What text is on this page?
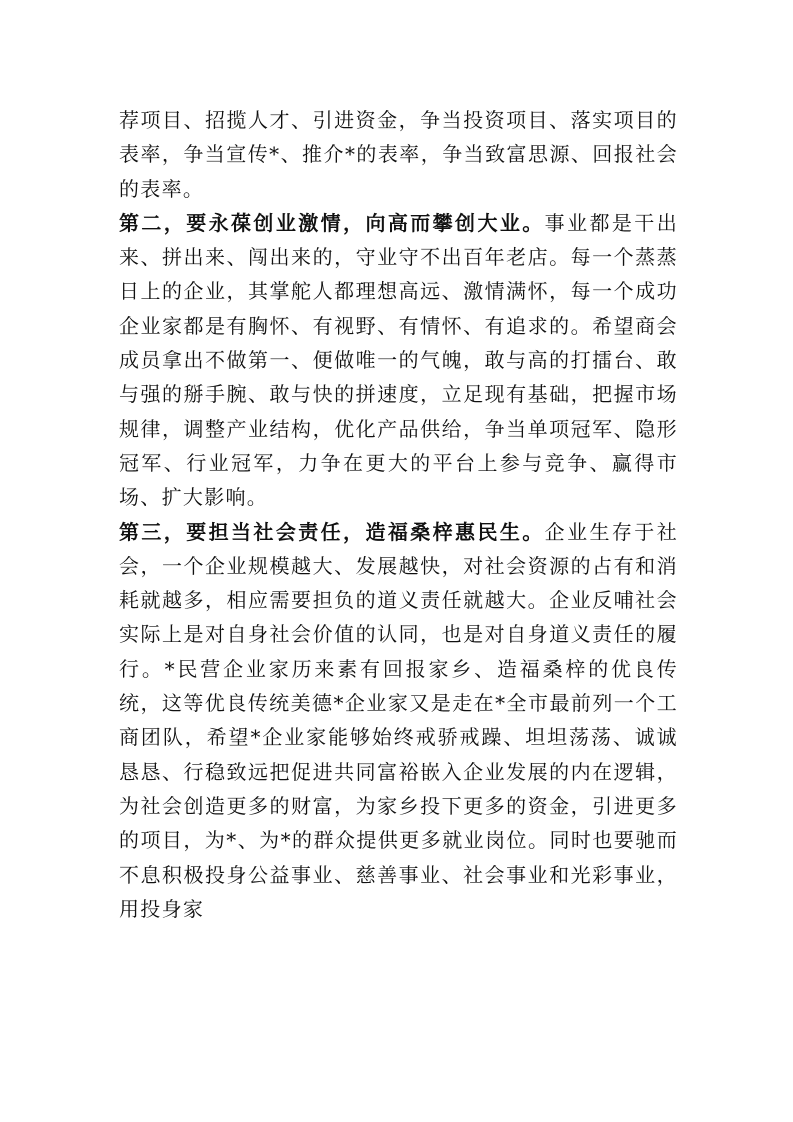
荐项目、招揽人才、引进资金，争当投资项目、落实项目的表率，争当宣传*、推介*的表率，争当致富思源、回报社会的表率。

第二，要永葆创业激情，向高而攀创大业。事业都是干出来、拼出来、闯出来的，守业守不出百年老店。每一个蒸蒸日上的企业，其掌舵人都理想高远、激情满怀，每一个成功企业家都是有胸怀、有视野、有情怀、有追求的。希望商会成员拿出不做第一、便做唯一的气魄，敢与高的打擂台、敢与强的掰手腕、敢与快的拼速度，立足现有基础，把握市场规律，调整产业结构，优化产品供给，争当单项冠军、隐形冠军、行业冠军，力争在更大的平台上参与竞争、赢得市场、扩大影响。

第三，要担当社会责任，造福桑梓惠民生。企业生存于社会，一个企业规模越大、发展越快，对社会资源的占有和消耗就越多，相应需要担负的道义责任就越大。企业反哺社会实际上是对自身社会价值的认同，也是对自身道义责任的履行。*民营企业家历来素有回报家乡、造福桑梓的优良传统，这等优良传统美德*企业家又是走在*全市最前列一个工商团队，希望*企业家能够始终戒骄戒躁、坦坦荡荡、诚诚恳恳、行稳致远把促进共同富裕嵌入企业发展的内在逻辑，为社会创造更多的财富，为家乡投下更多的资金，引进更多的项目，为*、为*的群众提供更多就业岗位。同时也要驰而不息积极投身公益事业、慈善事业、社会事业和光彩事业，用投身家
